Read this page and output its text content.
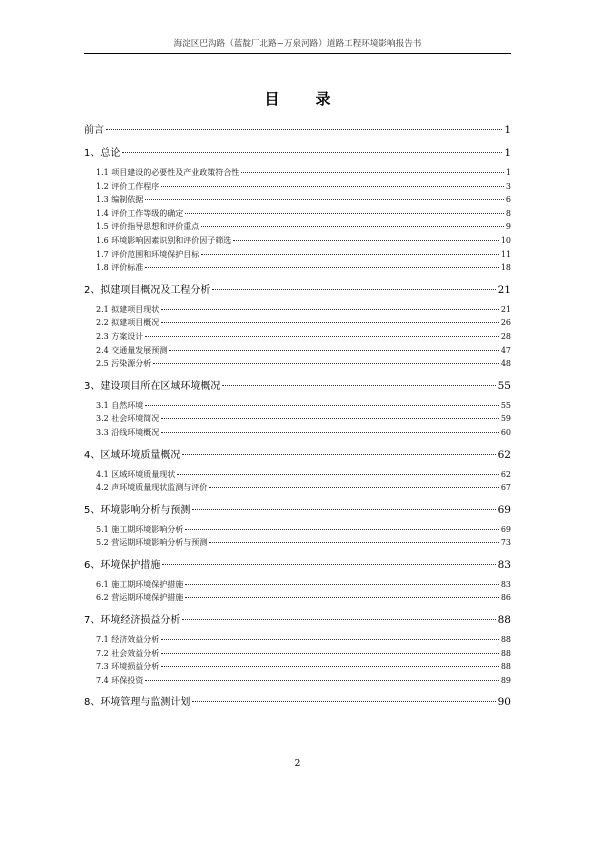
海淀区巴沟路（蓝靛厂北路~万泉河路）道路工程环境影响报告书
目 录
前言	1
1、总论	1
1.1 项目建设的必要性及产业政策符合性	1
1.2 评价工作程序	3
1.3 编制依据	6
1.4 评价工作等级的确定	8
1.5 评价指导思想和评价重点	9
1.6 环境影响因素识别和评价因子筛选	10
1.7 评价范围和环境保护目标	11
1.8 评价标准	18
2、拟建项目概况及工程分析	21
2.1 拟建项目现状	21
2.2 拟建项目概况	26
2.3 方案设计	28
2.4 交通量发展预测	47
2.5 污染源分析	48
3、建设项目所在区域环境概况	55
3.1 自然环境	55
3.2 社会环境简况	59
3.3 沿线环境概况	60
4、区域环境质量概况	62
4.1 区域环境质量现状	62
4.2 声环境质量现状监测与评价	67
5、环境影响分析与预测	69
5.1 施工期环境影响分析	69
5.2 营运期环境影响分析与预测	73
6、环境保护措施	83
6.1 施工期环境保护措施	83
6.2 营运期环境保护措施	86
7、环境经济损益分析	88
7.1 经济效益分析	88
7.2 社会效益分析	88
7.3 环境损益分析	88
7.4 环保投资	89
8、环境管理与监测计划	90
2
